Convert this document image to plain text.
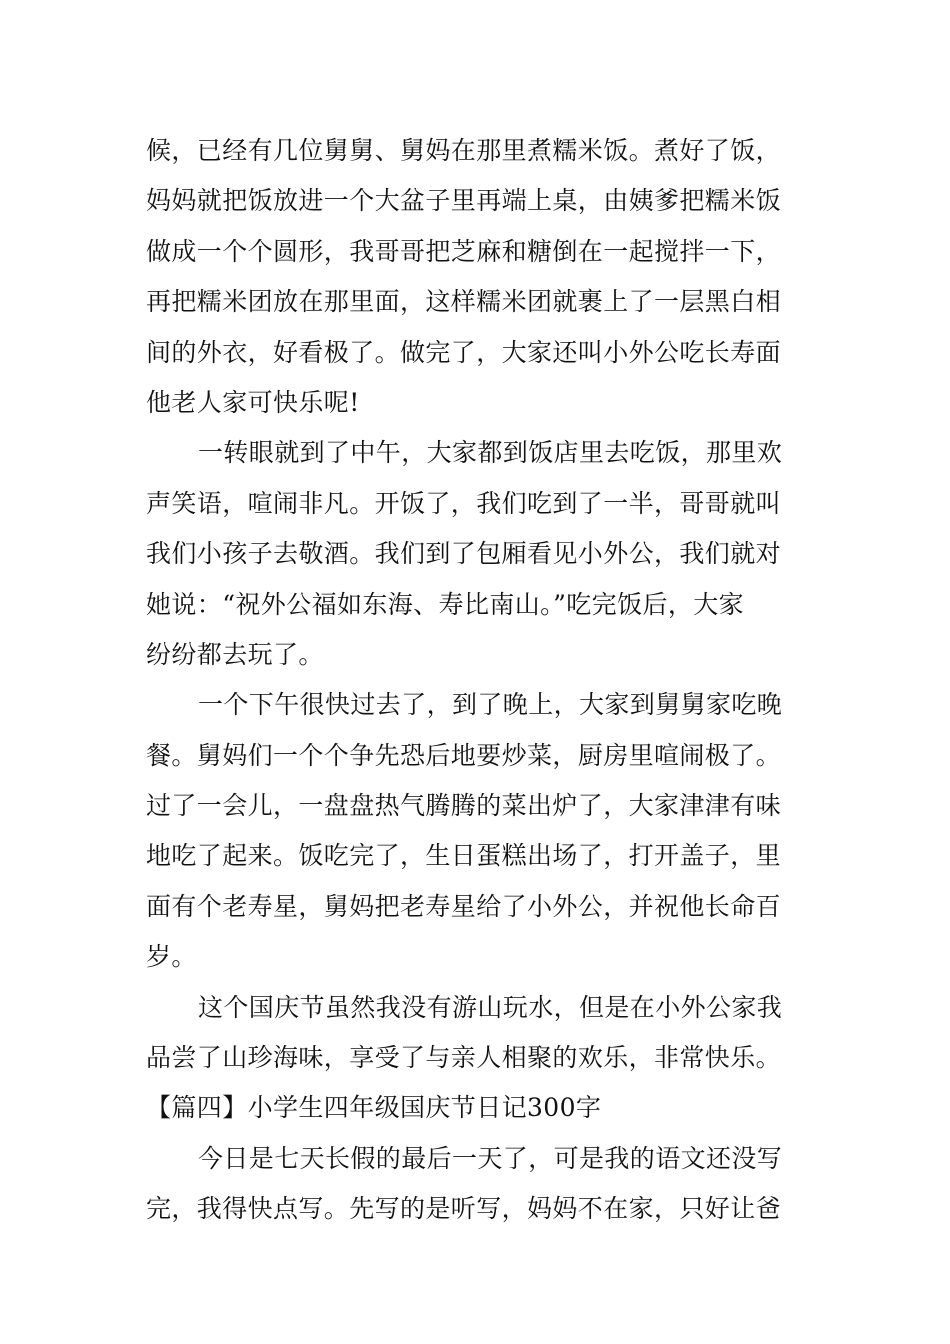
候，已经有几位舅舅、舅妈在那里煮糯米饭。煮好了饭，
妈妈就把饭放进一个大盆子里再端上桌，由姨爹把糯米饭
做成一个个圆形，我哥哥把芝麻和糖倒在一起搅拌一下，
再把糯米团放在那里面，这样糯米团就裹上了一层黑白相
间的外衣，好看极了。做完了，大家还叫小外公吃长寿面
他老人家可快乐呢!
一转眼就到了中午，大家都到饭店里去吃饭，那里欢
声笑语，喧闹非凡。开饭了，我们吃到了一半，哥哥就叫
我们小孩子去敬酒。我们到了包厢看见小外公，我们就对
她说：“祝外公福如东海、寿比南山。”吃完饭后，大家
纷纷都去玩了。
一个下午很快过去了，到了晚上，大家到舅舅家吃晚
餐。舅妈们一个个争先恐后地要炒菜，厨房里喧闹极了。
过了一会儿，一盘盘热气腾腾的菜出炉了，大家津津有味
地吃了起来。饭吃完了，生日蛋糕出场了，打开盖子，里
面有个老寿星，舅妈把老寿星给了小外公，并祝他长命百
岁。
这个国庆节虽然我没有游山玩水，但是在小外公家我
品尝了山珍海味，享受了与亲人相聚的欢乐，非常快乐。
【篇四】小学生四年级国庆节日记300字
今日是七天长假的最后一天了，可是我的语文还没写
完，我得快点写。先写的是听写，妈妈不在家，只好让爸
